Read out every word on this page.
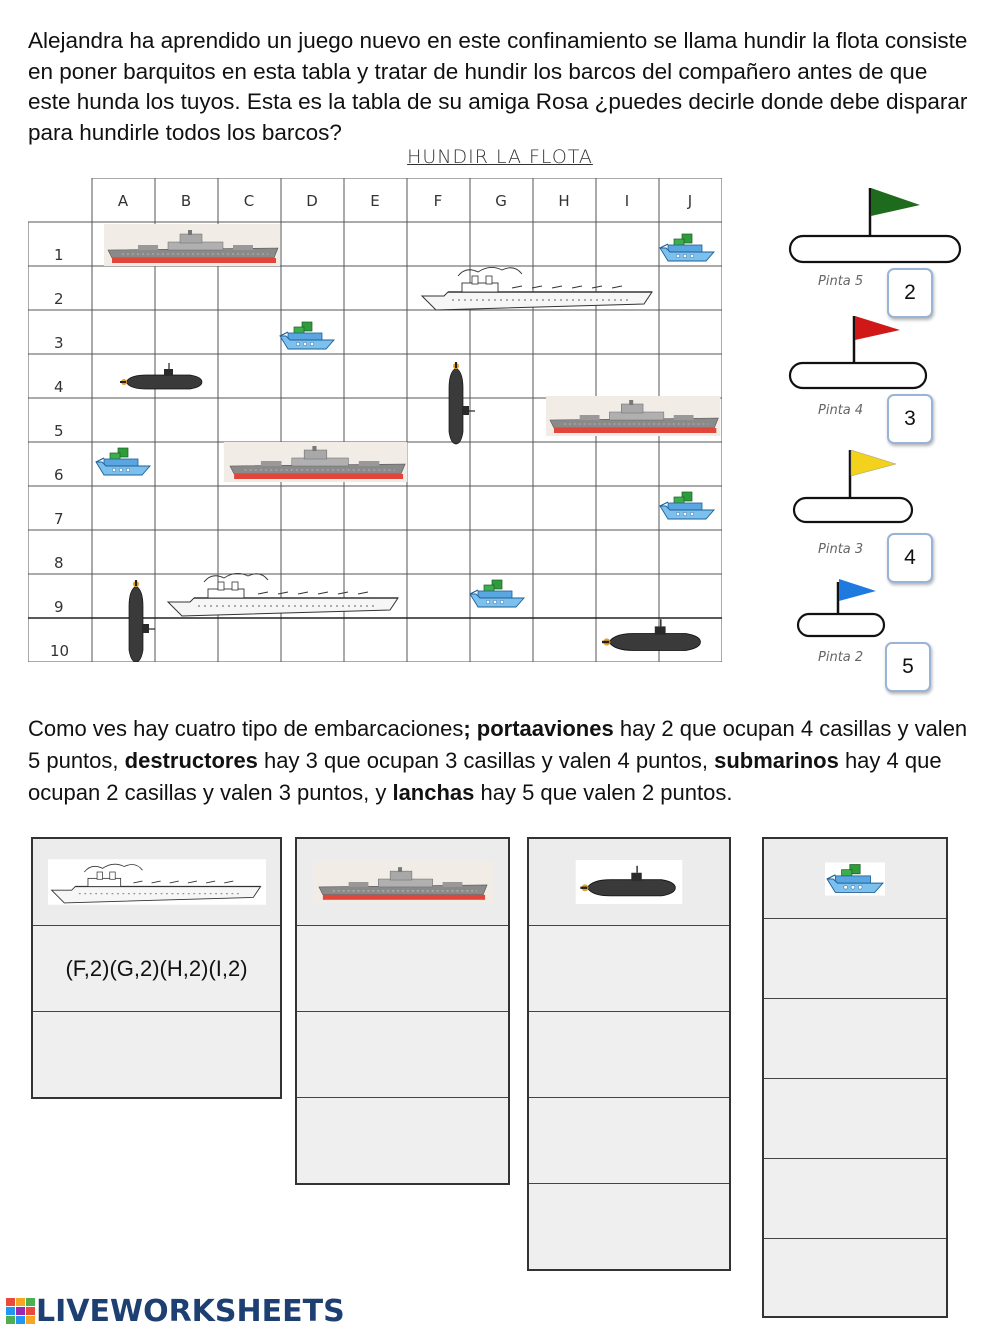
Alejandra ha aprendido un juego nuevo en este confinamiento se llama hundir la flota consiste en poner barquitos en esta tabla y tratar de hundir los barcos del compañero antes de que este hunda los tuyos. Esta es la tabla de su amiga Rosa ¿puedes decirle donde debe disparar para hundirle todos los barcos?
HUNDIR LA FLOTA
A	B	C	D	E	F	G	H	I	J
1
2
3
4
5
6
7
8
9
10
Pinta 5	2
Pinta 4	3
Pinta 3	4
Pinta 2	5
Como ves hay cuatro tipo de embarcaciones; portaaviones hay 2 que ocupan 4 casillas y valen 5 puntos, destructores hay 3 que ocupan 3 casillas y valen 4 puntos, submarinos hay 4 que ocupan 2 casillas y valen 3 puntos, y lanchas hay 5 que valen 2 puntos.
(F,2)(G,2)(H,2)(I,2)
LIVEWORKSHEETS
